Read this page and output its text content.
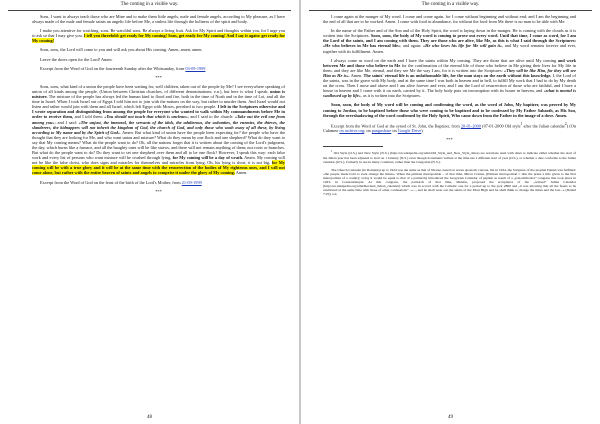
The coming in a visible way.

Sons, I want to always teach those who are Mine and to make them little angels, male and female angels, according to My pleasure, as I have always made of the male and female saints an angelic life before Me, a sinless life through the holiness of the spirit and body.

I make you attentive for watching, sons. Be watchful sons. Be always a living fruit. Ask for My Spirit and thoughts within you, for I urge you to ask so that I may give you. I tell you threefold: get ready for My coming! Sons, get ready for My coming! And I say it again: get ready for My coming!

Sons, sons, the Lord will come to you and will ask you about His coming. Amen, amen, amen.

Leave the doors open for the Lord! Amen.

Excerpt from the Word of God on the fourteenth Sunday after the Whitsunday, from 03-09-1999

***

Sons, sons, what kind of a union the people have been waiting for, well children, taken out of the people by Me? I see everywhere speaking of union of all kinds among the people. (Union between Christian churches, of different denominations; e.n.), but here is what I speak: union is mixture. The mixture of the people has always led the human kind to flood and fire, both in the time of Noah and in the time of Lot, and all the time in Israel. When I took Israel out of Egypt I told him not to join with the nations on the way, but rather to murder them. And Israel would not listen and rather would join with them and all Israel, which left Egypt with Moses, perished to two people. I left in the Scriptures otherwise and I wrote separation and distinguishing from among the people for everyone who wanted to walk within My commandments before Me in order to receive them, and I told them: «You should not touch that which is unclean»; and I said to the church: «Take out the evil one from among you»; and I said: «The unjust, the immoral, the servants of the idols, the adulterous, the sodomites, the enemies, the thieves, the slanderers, the kidnappers will not inherit the kingdom of God, the church of God, and only those who wash away of all these, by living according to My name and by the Spirit of God». Amen. But what kind of union have the people been expecting for? the people who have the thought that they are looking for Me, and who want union and mixture? What do they mean by one flock and one shepherd? What do they want to say that My coming means? What do the people want to do? Oh, all the nations forget that it is written about the coming of the Lord's judgment, the day, which burns like a furnace, and all the haughty ones will be like straws, and there will not remain anything of them; nor roots or branches. But what do the people want to do? Do they want to set one shepherd over them and all to be one flock? However, I speak this way: each false work and every list of persons who want mixture will be crushed through lying, for My coming will be a day of wrath. Amen. My coming will not be like the false christ, who does signs and miracles for themselves and miracles from lying. Oh, his lying is short, it is not big, for My coming will be with a true glory and it will be at the same time with the resurrection of the bodies of My righteous ones, and I will not come alone, but rather with the entire heaven of saints and angels to comprise it under the glory of My coming. Amen.

Excerpt from the Word of God on the feast of the birth of the Lord's Mother, from 21-09-1999

***
48
The coming in a visible way.

I come again at the manger of My word. I come and come again, for I come without beginning and without end; and I am the beginning and the end of all that are to be worked. Amen. I come with food in abundance, for without the food from Me there is no man to be able with Me.

In the name of the Father and of the Son and of the Holy Spirit, the word is laying down in the manger. He is coming with the clouds as it is written into the Scriptures. Soon, soon, the body of My word is coming to prove out every word. Until that time, I come as word, for I am the Lord of the saints, and I am coming with them. They are those who are alive, like Me, as this is what I said through the Scriptures: «He who believes in Me has eternal life»; and again: «He who loves his life for Me will gain it», and My word remains forever and ever, together with its fulfillment. Amen.

I always come as word on the earth and I have the saints within My coming. They are those that are alive until My coming and work between Me and those who believe in Me for the confirmation of the eternal life of those who believe in Me giving their lives for My life in them, and they are like Me, eternal, and they see Me the way I am, for it is written into the Scriptures: «They will be like Him, for they will see Him as He is». Amen. The saints' eternal life is an unfathomable life, for the man stays on the earth without this knowledge. I, the Lord of the saints, was in the grave with My body, and at the same time I was both in heaven and in hell, to fulfill My work that I had to do by My death on the cross. Then I arose and above and I am alive forever and ever, and I am the Lord of resurrection of those who are faithful, and I have a house in heaven and I come with it on earth, carried by it. The holy body puts on incorruption with its house in heaven, and «what is mortal is swallowed up by life», as it is written into the Scriptures.

Soon, soon, the body of My word will be coming and confirming the word, as the word of John, My baptizer, was proved by My coming to Jordan, to be baptized before those who were coming to be baptized and to be confessed by My Father Sabaoth, as His Son, through the overshadowing of the word confirmed by the Holy Spirit, Who came down from the Father in the image of a dove. Amen.

Excerpt from the Word of God at the synod of St. John, the Baptizer, from 20-01-2000 (07-01-2000 Old style$^1$ after the Julian calendar$^2$) (On Calameo on archive.org; on pangushare on Google Drive)

***

$^1$ Old Style (O.S.) and New Style (N.S.) (http://en.wikipedia.org/wiki/Old_Style_and_New_Style_dates) are notations used with dates to indicate either whether the start of the Julian year has been adjusted to start on 1 January (N.S.) even though documents written at the time use a different start of year (O.S.), or whether a date conforms to the Julian calendar (O.S.), formerly in use in many countries, rather than the Gregorian (N.S.).

The Church Calendar (in Romania) up to 1924 was the same as that of Nicene, based on seven apostolic canons, but in 1924, the Scripture of the prophet Daniel was fulfilled: «the people made bold to even change the times». When the primate metropolitan – of that time, Miron Cristea, (Primate metropolitan = title the priest a title given to the first metropolitan of a country; today it would be equal to that of a patriarch) introduced the Gregorian Calendar of papism as result of a „pan-Orthodox” congress that took place in 1923, in Constantinople. At that congress, the patriarch of that time, Meletie, proposed the acceptance of the „revised” Julian Calendar (http://en.wikipedia.org/wiki/Revised_Julian_calendar) which was in accord with the Catholic one for a period up to the year 2800 and „it was allowing that all the feasts to be celebrated at the same time with those of other confessions” –»..., and he shall wear out the saints of the Most High and he shall think to change the times and the law...» (Daniel 7:25); e.n.

49
